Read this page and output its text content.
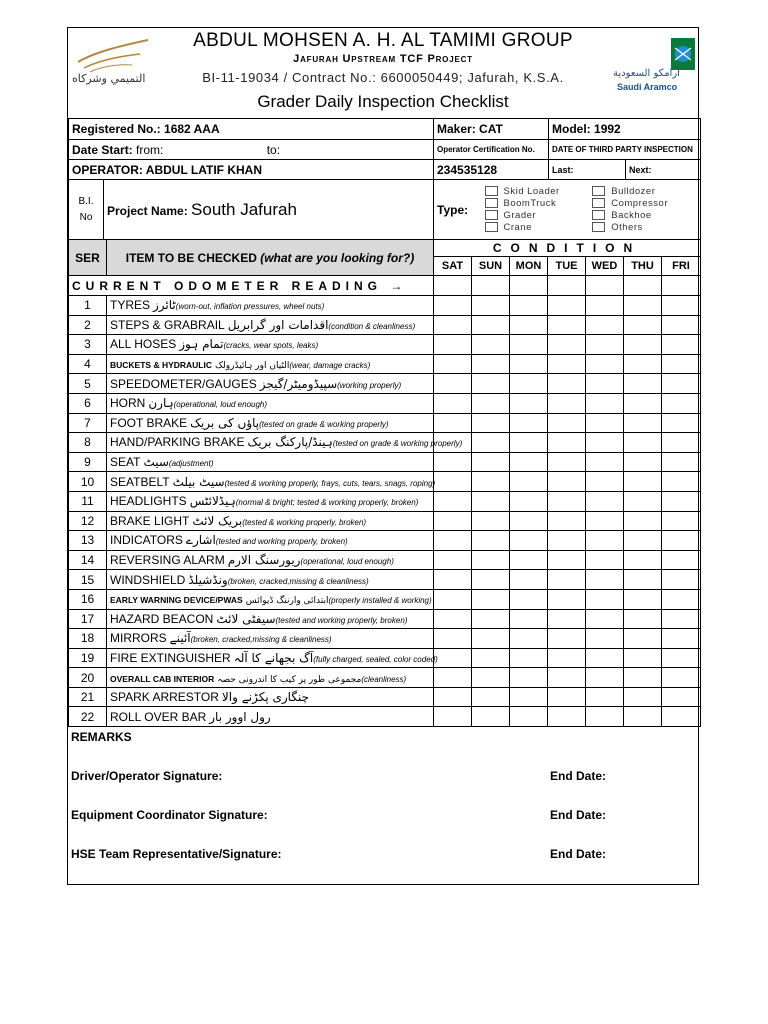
التميمي وشركاه
ABDUL MOHSEN A. H. AL TAMIMI GROUP
Jafurah Upstream TCF Project
BI-11-19034 / Contract No.: 6600050449; Jafurah, K.S.A.
Grader Daily Inspection Checklist
أرامكو السعودية
Saudi Aramco
Registered No.: 1682 AAA	Maker: CAT	Model: 1992	
Date Start: from: to:	Operator Certification No.	DATE OF THIRD PARTY INSPECTION	
OPERATOR: ABDUL LATIF KHAN	234535128	Last:	Next:
B.I.
No	Project Name: South Jafurah	Type:	
Skid Loader
BoomTruck
Grader
Crane
Bulldozer
Compressor
Backhoe
Others
SER	ITEM TO BE CHECKED (what are you looking for?)	CONDITION						
		SAT	SUN	MON	TUE	WED	THU	FRI
CURRENT ODOMETER READING →								
1	TYRES ٹائرز(worn-out, inflation pressures, wheel nuts)							
2	STEPS & GRABRAIL اقدامات اور گرابریل(condition & cleanliness)							
3	ALL HOSES تمام ہوز(cracks, wear spots, leaks)							
4	BUCKETS & HYDRAULIC الٹیاں اور ہائیڈرولک(wear, damage cracks)							
5	SPEEDOMETER/GAUGES سپیڈومیٹر/گیجز(working properly)							
6	HORN ہارن(operational, loud enough)							
7	FOOT BRAKE پاؤں کی بریک(tested on grade & working properly)							
8	HAND/PARKING BRAKE ہینڈ/پارکنگ بریک(tested on grade & working properly)							
9	SEAT سیٹ(adjustment)							
10	SEATBELT سیٹ بیلٹ(tested & working properly, frays, cuts, tears, snags, roping)							
11	HEADLIGHTS ہیڈلائٹس(normal & bright; tested & working properly, broken)							
12	BRAKE LIGHT بریک لائٹ(tested & working properly, broken)							
13	INDICATORS اشارے(tested and working properly, broken)							
14	REVERSING ALARM ریورسنگ الارم(operational, loud enough)							
15	WINDSHIELD ونڈشیلڈ(broken, cracked,missing & cleanliness)							
16	EARLY WARNING DEVICE/PWAS ابتدائی وارننگ ڈیوائس(properly installed & working)							
17	HAZARD BEACON سیفٹی لائٹ(tested and working properly, broken)							
18	MIRRORS آئینے(broken, cracked,missing & cleanliness)							
19	FIRE EXTINGUISHER آگ بجھانے کا آلہ(fully charged, sealed, color coded)							
20	OVERALL CAB INTERIOR مجموعی طور پر کیب کا اندرونی حصہ(cleanliness)							
21	SPARK ARRESTOR چنگاری پکڑنے والا							
22	ROLL OVER BAR رول اوور بار							
REMARKS
Driver/Operator Signature:	End Date:
Equipment Coordinator Signature:	End Date:
HSE Team Representative/Signature:	End Date:
